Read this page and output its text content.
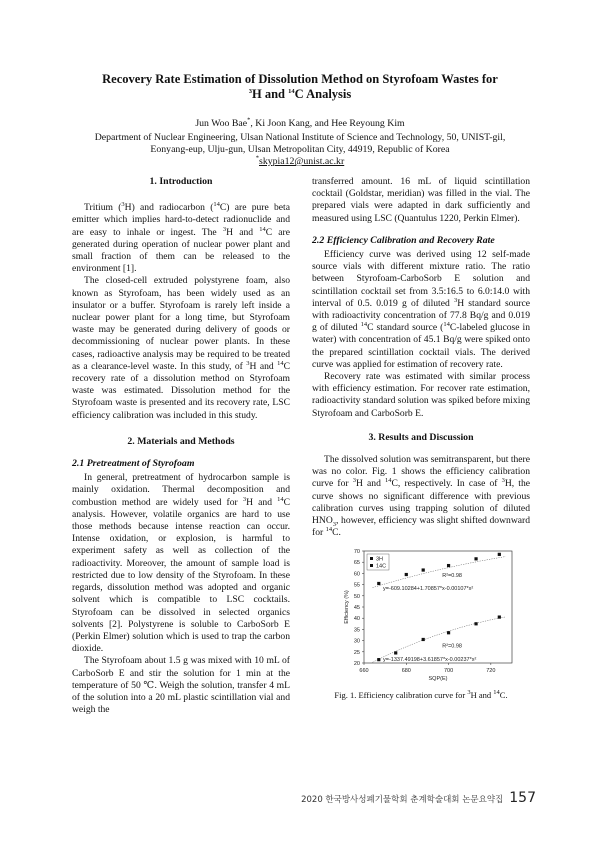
Recovery Rate Estimation of Dissolution Method on Styrofoam Wastes for
$^3$H and $^{14}$C Analysis
Jun Woo Bae*, Ki Joon Kang, and Hee Reyoung Kim
Department of Nuclear Engineering, Ulsan National Institute of Science and Technology, 50, UNIST-gil,
Eonyang-eup, Ulju-gun, Ulsan Metropolitan City, 44919, Republic of Korea
*skypia12@unist.ac.kr
1. Introduction

Tritium ($^3$H) and radiocarbon ($^{14}$C) are pure beta emitter which implies hard-to-detect radionuclide and are easy to inhale or ingest. The $^3$H and $^{14}$C are generated during operation of nuclear power plant and small fraction of them can be released to the environment [1].

The closed-cell extruded polystyrene foam, also known as Styrofoam, has been widely used as an insulator or a buffer. Styrofoam is rarely left inside a nuclear power plant for a long time, but Styrofoam waste may be generated during delivery of goods or decommissioning of nuclear power plants. In these cases, radioactive analysis may be required to be treated as a clearance-level waste. In this study, of $^3$H and $^{14}$C recovery rate of a dissolution method on Styrofoam waste was estimated. Dissolution method for the Styrofoam waste is presented and its recovery rate, LSC efficiency calibration was included in this study.

2. Materials and Methods
2.1 Pretreatment of Styrofoam

In general, pretreatment of hydrocarbon sample is mainly oxidation. Thermal decomposition and combustion method are widely used for $^3$H and $^{14}$C analysis. However, volatile organics are hard to use those methods because intense reaction can occur. Intense oxidation, or explosion, is harmful to experiment safety as well as collection of the radioactivity. Moreover, the amount of sample load is restricted due to low density of the Styrofoam. In these regards, dissolution method was adopted and organic solvent which is compatible to LSC cocktails. Styrofoam can be dissolved in selected organics solvents [2]. Polystyrene is soluble to CarboSorb E (Perkin Elmer) solution which is used to trap the carbon dioxide.

The Styrofoam about 1.5 g was mixed with 10 mL of CarboSorb E and stir the solution for 1 min at the temperature of 50 ℃. Weigh the solution, transfer 4 mL of the solution into a 20 mL plastic scintillation vial and weigh the

transferred amount. 16 mL of liquid scintillation cocktail (Goldstar, meridian) was filled in the vial. The prepared vials were adapted in dark sufficiently and measured using LSC (Quantulus 1220, Perkin Elmer).

2.2 Efficiency Calibration and Recovery Rate

Efficiency curve was derived using 12 self-made source vials with different mixture ratio. The ratio between Styrofoam-CarboSorb E solution and scintillation cocktail set from 3.5:16.5 to 6.0:14.0 with interval of 0.5. 0.019 g of diluted $^3$H standard source with radioactivity concentration of 77.8 Bq/g and 0.019 g of diluted $^{14}$C standard source ($^{14}$C-labeled glucose in water) with concentration of 45.1 Bq/g were spiked onto the prepared scintillation cocktail vials. The derived curve was applied for estimation of recovery rate.

Recovery rate was estimated with similar process with efficiency estimation. For recover rate estimation, radioactivity standard solution was spiked before mixing Styrofoam and CarboSorb E.

3. Results and Discussion

The dissolved solution was semitransparent, but there was no color. Fig. 1 shows the efficiency calibration curve for $^3$H and $^{14}$C, respectively. In case of $^3$H, the curve shows no significant difference with previous calibration curves using trapping solution of diluted $HNO_3$, however, efficiency was slight shifted downward for $^{14}$C.

20
25
30
35
40
45
50
55
60
65
70
660	680	700	720
SQP(E)
Efficiency (%)
3H
14C
R²=0.98
y=-609.10284+1.70857*x-0.00107*x²
R²=0.98
y=-1337.49198+3.61857*x-0.00237*x²
Fig. 1. Efficiency calibration curve for $^3$H and $^{14}$C.
2020 한국방사성폐기물학회 춘계학술대회 논문요약집 157
